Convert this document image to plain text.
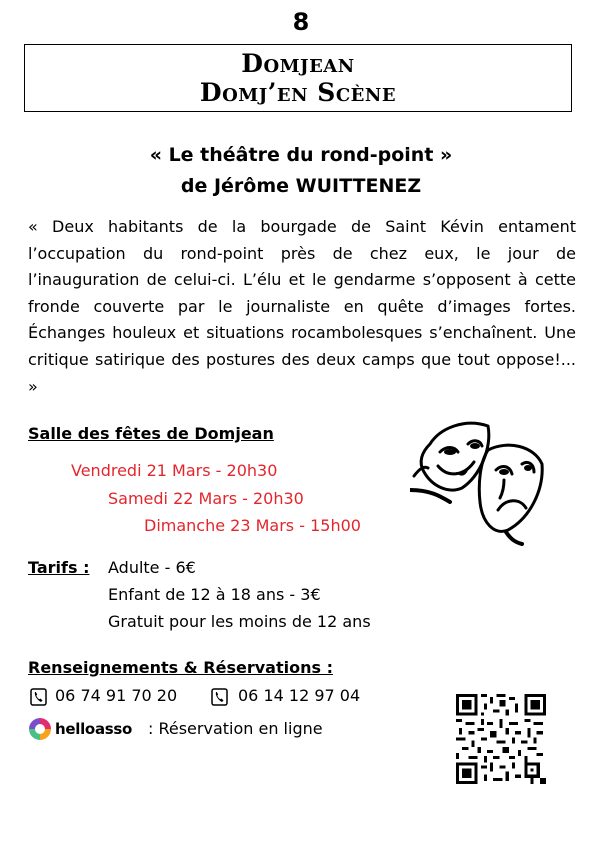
8
Domjean
Domj’en Scène
« Le théâtre du rond-point »
de Jérôme WUITTENEZ

« Deux habitants de la bourgade de Saint Kévin entament l’occupation du rond-point près de chez eux, le jour de l’inauguration de celui-ci. L’élu et le gendarme s’opposent à cette fronde couverte par le journaliste en quête d’images fortes. Échanges houleux et situations rocambolesques s’enchaînent. Une critique satirique des postures des deux camps que tout oppose!... »

Salle des fêtes de Domjean
Vendredi 21 Mars - 20h30
Samedi 22 Mars - 20h30
Dimanche 23 Mars - 15h00
Tarifs : Adulte - 6€
Enfant de 12 à 18 ans - 3€
Gratuit pour les moins de 12 ans
Renseignements & Réservations :
06 74 91 70 20	06 14 12 97 04
helloasso : Réservation en ligne
